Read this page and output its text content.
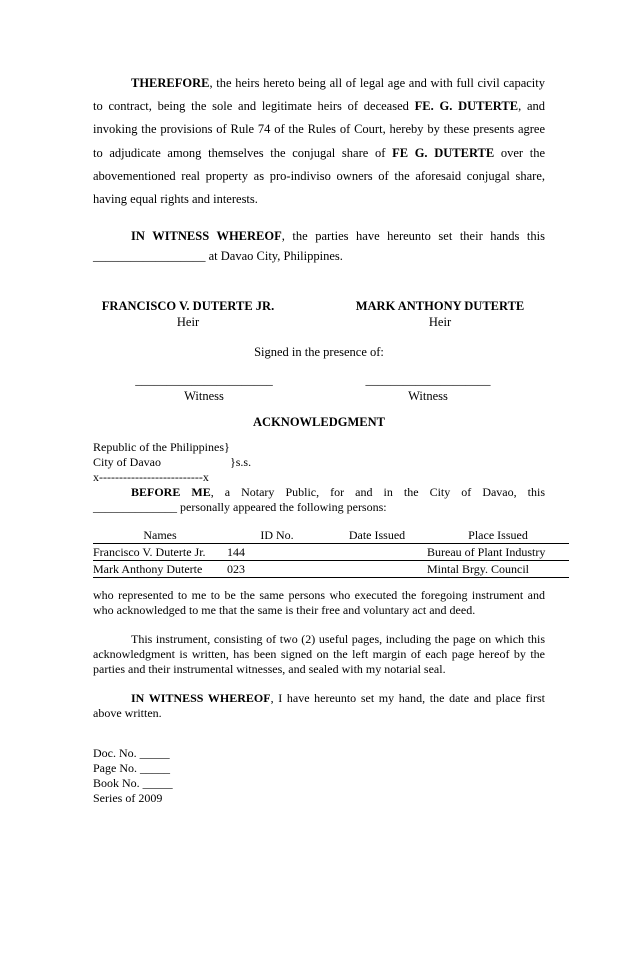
THEREFORE, the heirs hereto being all of legal age and with full civil capacity
to contract, being the sole and legitimate heirs of deceased FE. G. DUTERTE, and
invoking the provisions of Rule 74 of the Rules of Court, hereby by these presents agree
to adjudicate among themselves the conjugal share of FE G. DUTERTE over the
abovementioned real property as pro-indiviso owners of the aforesaid conjugal share,
having equal rights and interests.
IN WITNESS WHEREOF, the parties have hereunto set their hands this
__________________ at Davao City, Philippines.
FRANCISCO V. DUTERTE JR.
Heir
MARK ANTHONY DUTERTE
Heir
Signed in the presence of:
______________________
Witness
____________________
Witness
ACKNOWLEDGMENT
Republic of the Philippines}
City of Davao	}s.s.
x--------------------------x
BEFORE ME, a Notary Public, for and in the City of Davao, this
______________ personally appeared the following persons:
Names	ID No.	Date Issued	Place Issued
Francisco V. Duterte Jr.	144		Bureau of Plant Industry
Mark Anthony Duterte	023		Mintal Brgy. Council
who represented to me to be the same persons who executed the foregoing instrument and who acknowledged to me that the same is their free and voluntary act and deed.
This instrument, consisting of two (2) useful pages, including the page on which this acknowledgment is written, has been signed on the left margin of each page hereof by the parties and their instrumental witnesses, and sealed with my notarial seal.
IN WITNESS WHEREOF, I have hereunto set my hand, the date and place first above written.
Doc. No. _____
Page No. _____
Book No. _____
Series of 2009
